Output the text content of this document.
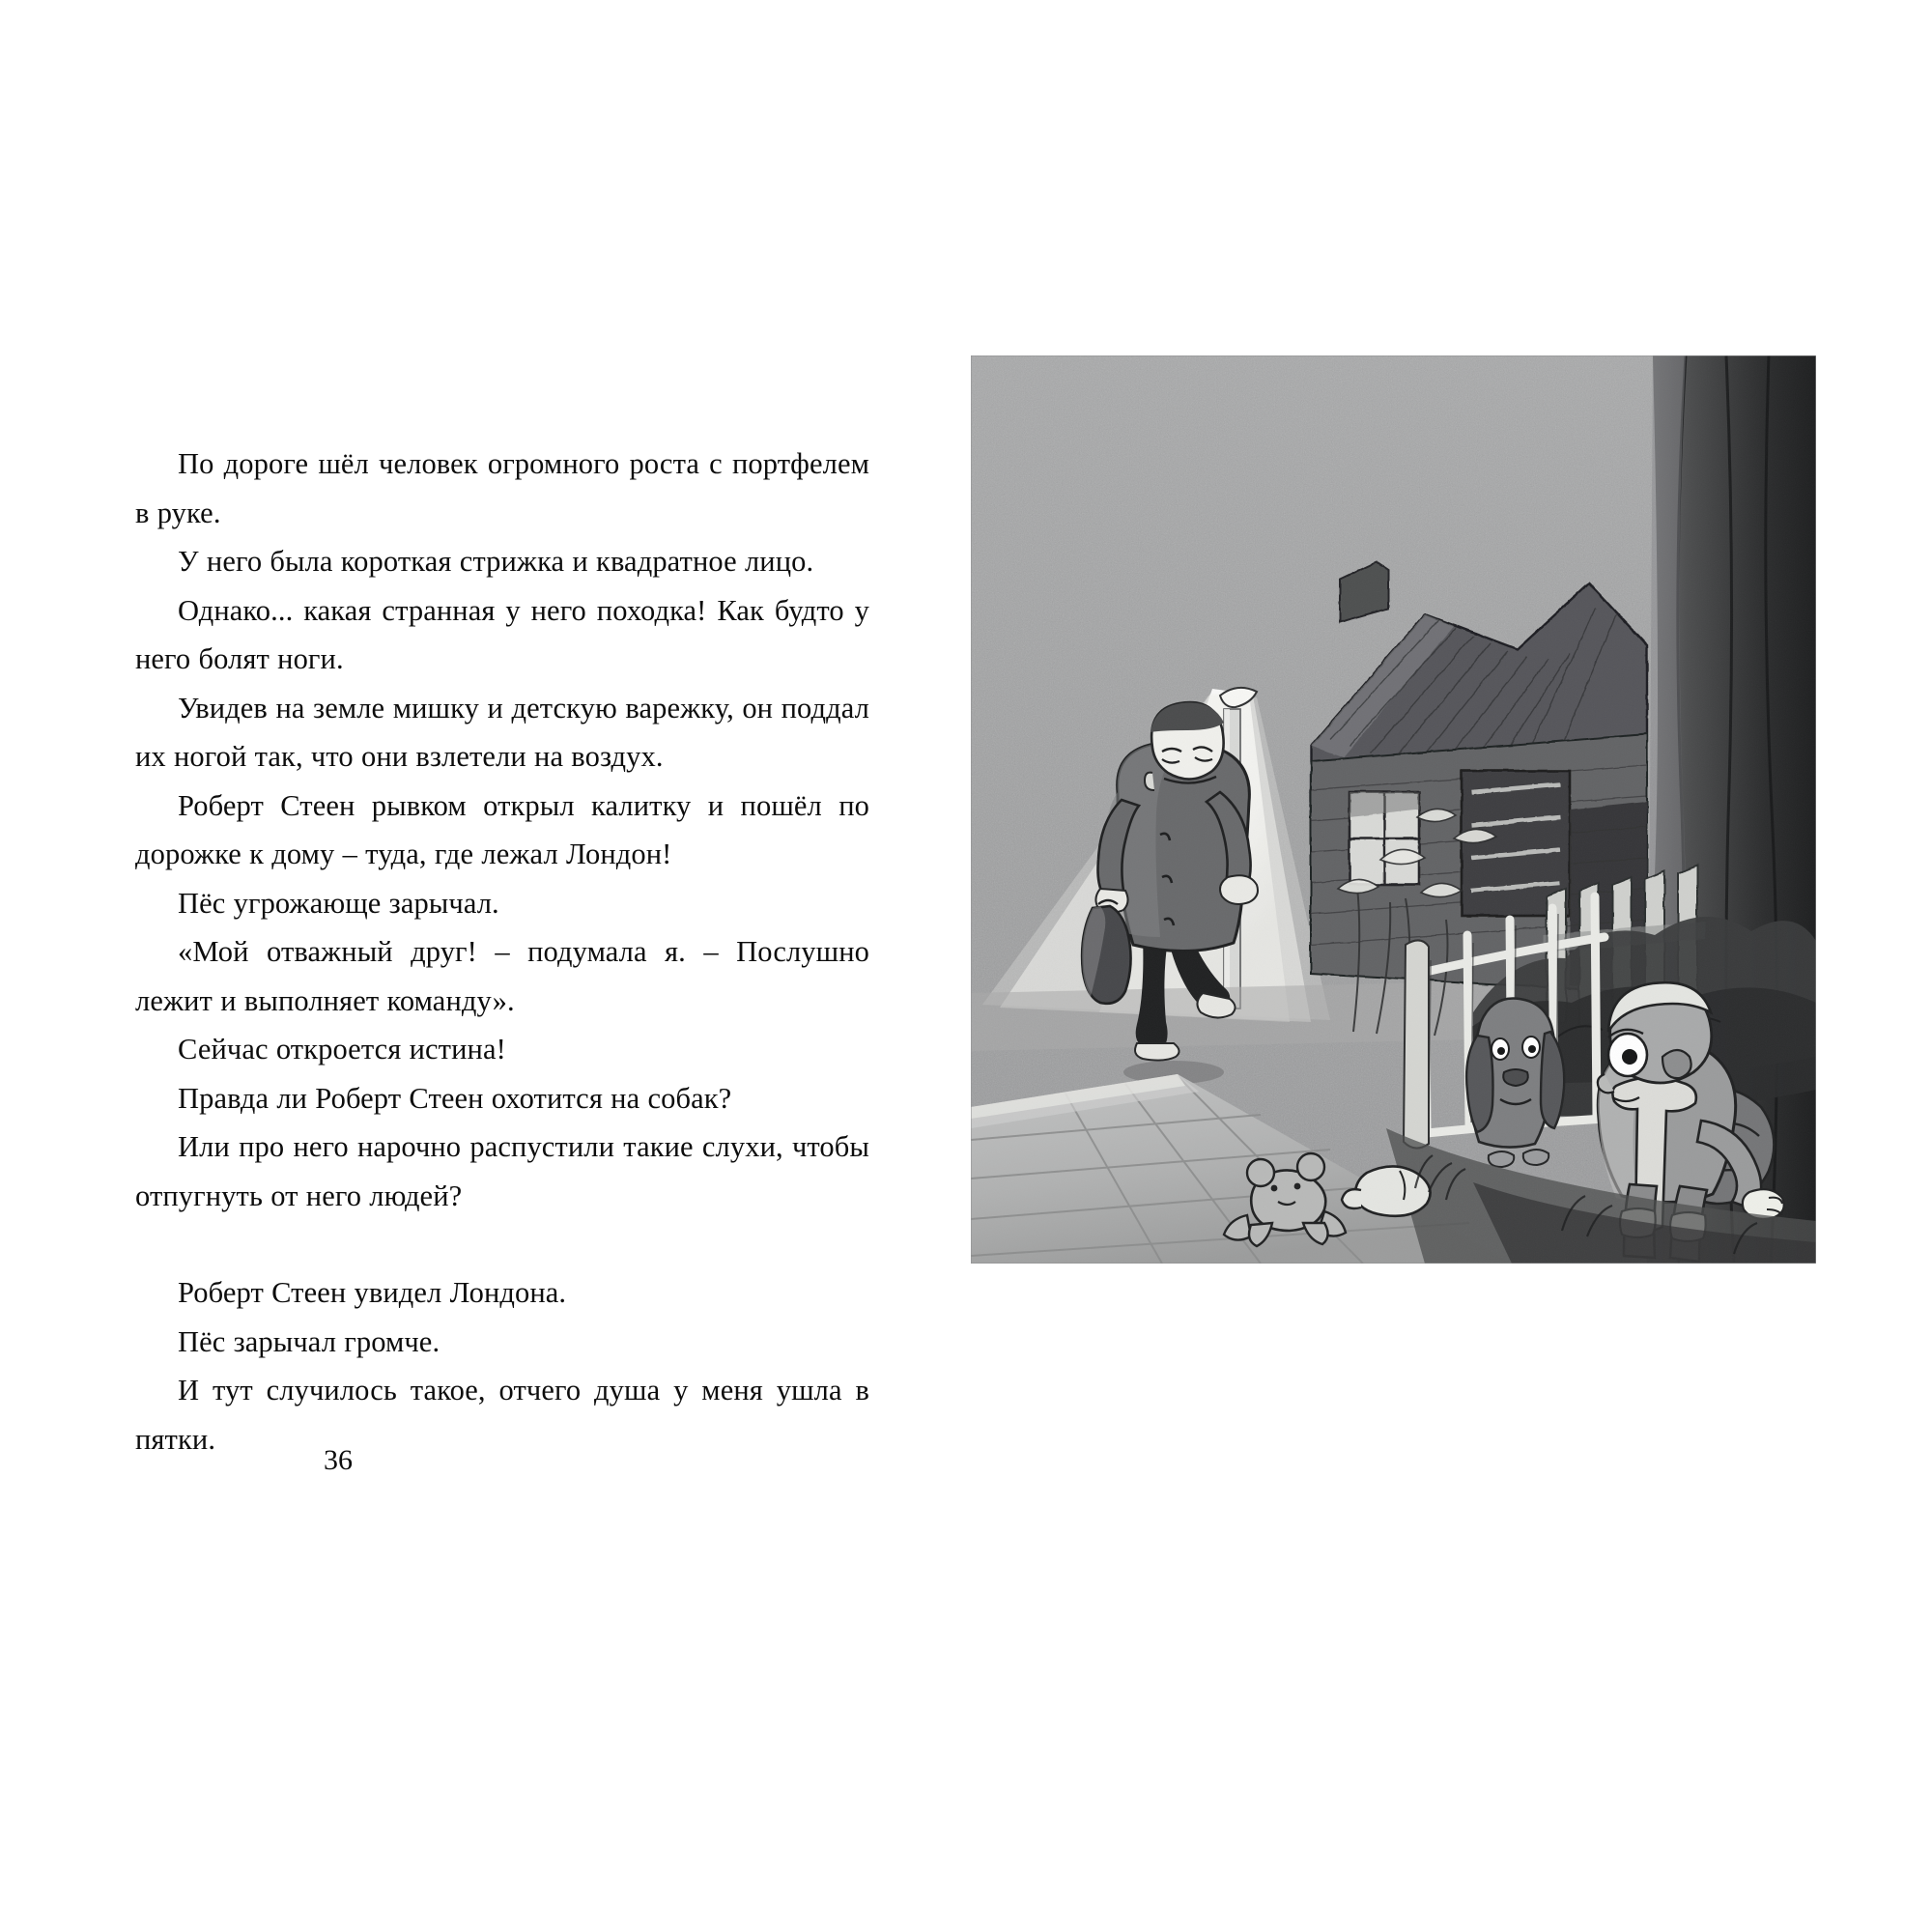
По дороге шёл человек огромного роста с портфелем в руке.

У него была короткая стрижка и квадратное лицо.

Однако... какая странная у него походка! Как будто у него болят ноги.

Увидев на земле мишку и детскую варежку, он поддал их ногой так, что они взлетели на воздух.

Роберт Стеен рывком открыл калитку и пошёл по дорожке к дому – туда, где лежал Лондон!

Пёс угрожающе зарычал.

«Мой отважный друг! – подумала я. – Послушно лежит и выполняет команду».

Сейчас откроется истина!

Правда ли Роберт Стеен охотится на собак?

Или про него нарочно распустили такие слухи, чтобы отпугнуть от него людей?

Роберт Стеен увидел Лондона.

Пёс зарычал громче.

И тут случилось такое, отчего душа у меня ушла в пятки.

36
